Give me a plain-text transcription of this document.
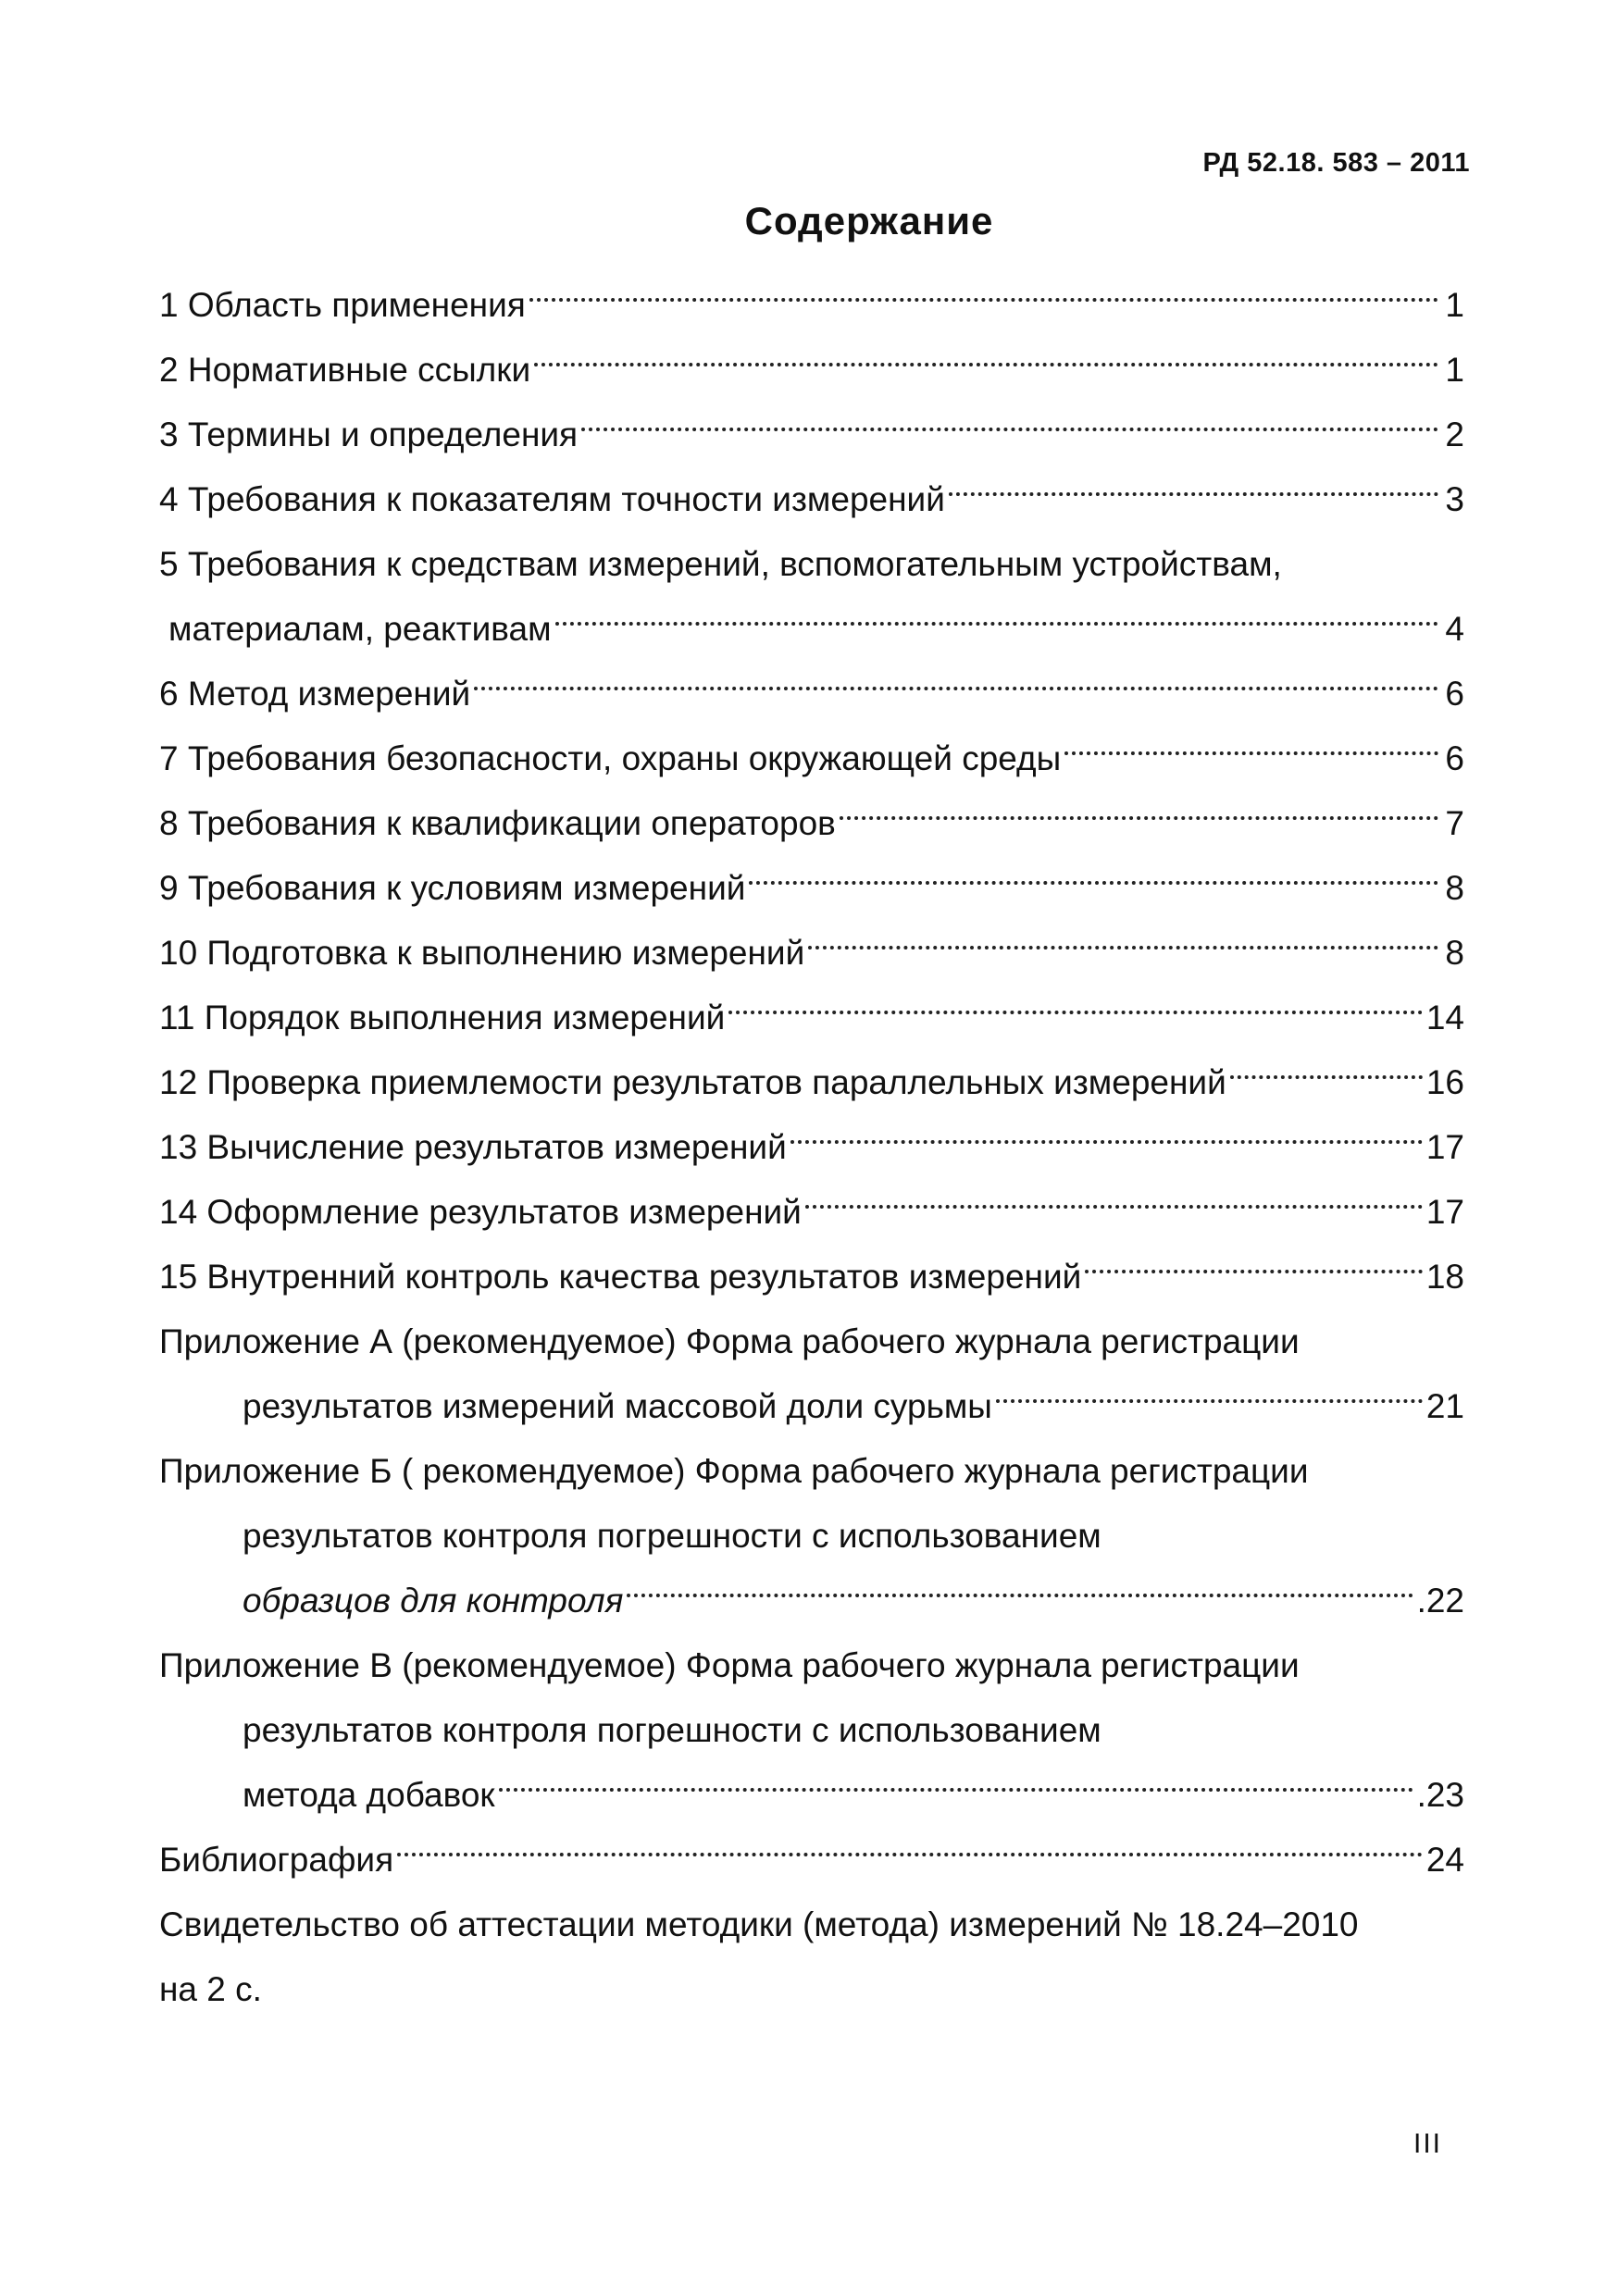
РД 52.18. 583 – 2011
Содержание
1 Область применения	1
2 Нормативные ссылки	1
3 Термины и определения	2
4 Требования к показателям точности измерений	3
5 Требования к средствам измерений, вспомогательным устройствам,
материалам, реактивам	4
6 Метод измерений	6
7 Требования безопасности, охраны окружающей среды	6
8 Требования к квалификации операторов	7
9 Требования к условиям измерений	8
10 Подготовка к выполнению измерений	8
11 Порядок выполнения измерений	14
12 Проверка приемлемости результатов параллельных измерений	16
13 Вычисление результатов измерений	17
14 Оформление результатов измерений	17
15 Внутренний контроль качества результатов измерений	18
Приложение А (рекомендуемое) Форма рабочего журнала регистрации
результатов измерений массовой доли сурьмы	21
Приложение Б ( рекомендуемое) Форма рабочего журнала регистрации
результатов контроля погрешности с использованием
образцов для контроля	.22
Приложение В (рекомендуемое) Форма рабочего журнала регистрации
результатов контроля погрешности с использованием
метода добавок	.23
Библиография	24
Свидетельство об аттестации методики (метода) измерений № 18.24–2010
на 2 с.
III
